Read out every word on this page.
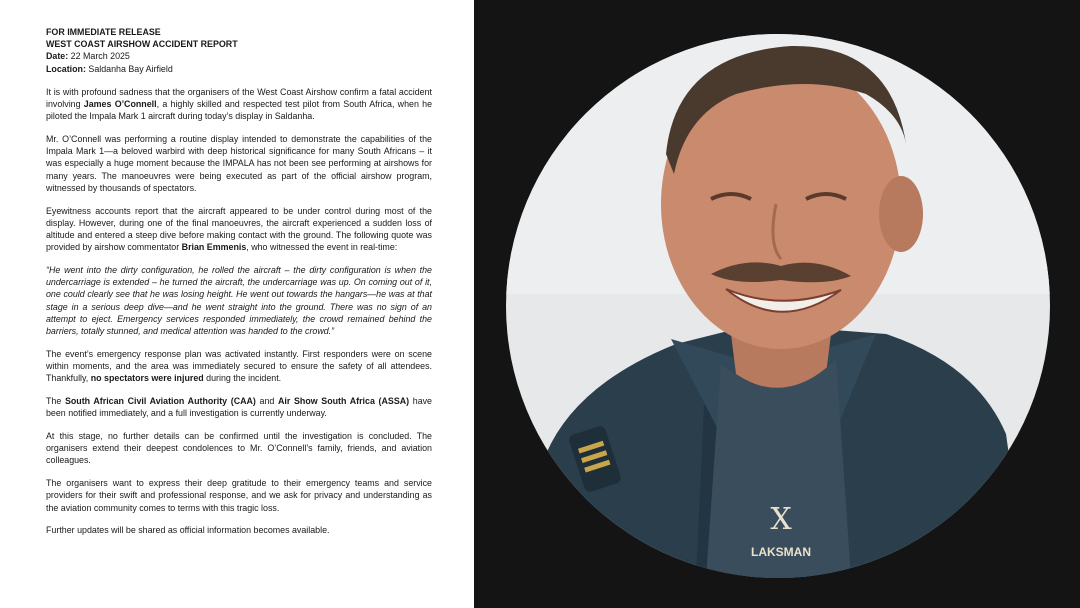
FOR IMMEDIATE RELEASE

WEST COAST AIRSHOW ACCIDENT REPORT

Date: 22 March 2025

Location: Saldanha Bay Airfield

It is with profound sadness that the organisers of the West Coast Airshow confirm a fatal accident involving James O’Connell, a highly skilled and respected test pilot from South Africa, when he piloted the Impala Mark 1 aircraft during today’s display in Saldanha.

Mr. O’Connell was performing a routine display intended to demonstrate the capabilities of the Impala Mark 1—a beloved warbird with deep historical significance for many South Africans – it was especially a huge moment because the IMPALA has not been see performing at airshows for many years. The manoeuvres were being executed as part of the official airshow program, witnessed by thousands of spectators.

Eyewitness accounts report that the aircraft appeared to be under control during most of the display. However, during one of the final manoeuvres, the aircraft experienced a sudden loss of altitude and entered a steep dive before making contact with the ground. The following quote was provided by airshow commentator Brian Emmenis, who witnessed the event in real-time:

“He went into the dirty configuration, he rolled the aircraft – the dirty configuration is when the undercarriage is extended – he turned the aircraft, the undercarriage was up. On coming out of it, one could clearly see that he was losing height. He went out towards the hangars—he was at that stage in a serious deep dive—and he went straight into the ground. There was no sign of an attempt to eject. Emergency services responded immediately, the crowd remained behind the barriers, totally stunned, and medical attention was handed to the crowd.”

The event’s emergency response plan was activated instantly. First responders were on scene within moments, and the area was immediately secured to ensure the safety of all attendees. Thankfully, no spectators were injured during the incident.

The South African Civil Aviation Authority (CAA) and Air Show South Africa (ASSA) have been notified immediately, and a full investigation is currently underway.

At this stage, no further details can be confirmed until the investigation is concluded. The organisers extend their deepest condolences to Mr. O’Connell’s family, friends, and aviation colleagues.

The organisers want to express their deep gratitude to their emergency teams and service providers for their swift and professional response, and we ask for privacy and understanding as the aviation community comes to terms with this tragic loss.

Further updates will be shared as official information becomes available.	X
LAKSMAN
